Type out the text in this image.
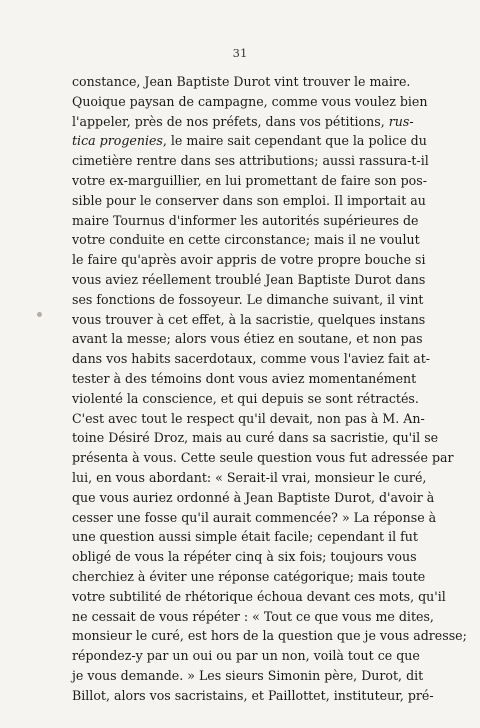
31
constance, Jean Baptiste Durot vint trouver le maire.
Quoique paysan de campagne, comme vous voulez bien
l'appeler, près de nos préfets, dans vos pétitions, rus-
tica progenies, le maire sait cependant que la police du
cimetière rentre dans ses attributions; aussi rassura-t-il
votre ex-marguillier, en lui promettant de faire son pos-
sible pour le conserver dans son emploi. Il importait au
maire Tournus d'informer les autorités supérieures de
votre conduite en cette circonstance; mais il ne voulut
le faire qu'après avoir appris de votre propre bouche si
vous aviez réellement troublé Jean Baptiste Durot dans
ses fonctions de fossoyeur. Le dimanche suivant, il vint
vous trouver à cet effet, à la sacristie, quelques instans
avant la messe; alors vous étiez en soutane, et non pas
dans vos habits sacerdotaux, comme vous l'aviez fait at-
tester à des témoins dont vous aviez momentanément
violenté la conscience, et qui depuis se sont rétractés.
C'est avec tout le respect qu'il devait, non pas à M. An-
toine Désiré Droz, mais au curé dans sa sacristie, qu'il se
présenta à vous. Cette seule question vous fut adressée par
lui, en vous abordant: « Serait-il vrai, monsieur le curé,
que vous auriez ordonné à Jean Baptiste Durot, d'avoir à
cesser une fosse qu'il aurait commencée? » La réponse à
une question aussi simple était facile; cependant il fut
obligé de vous la répéter cinq à six fois; toujours vous
cherchiez à éviter une réponse catégorique; mais toute
votre subtilité de rhétorique échoua devant ces mots, qu'il
ne cessait de vous répéter : « Tout ce que vous me dites,
monsieur le curé, est hors de la question que je vous adresse;
répondez-y par un oui ou par un non, voilà tout ce que
je vous demande. » Les sieurs Simonin père, Durot, dit
Billot, alors vos sacristains, et Paillottet, instituteur, pré-
